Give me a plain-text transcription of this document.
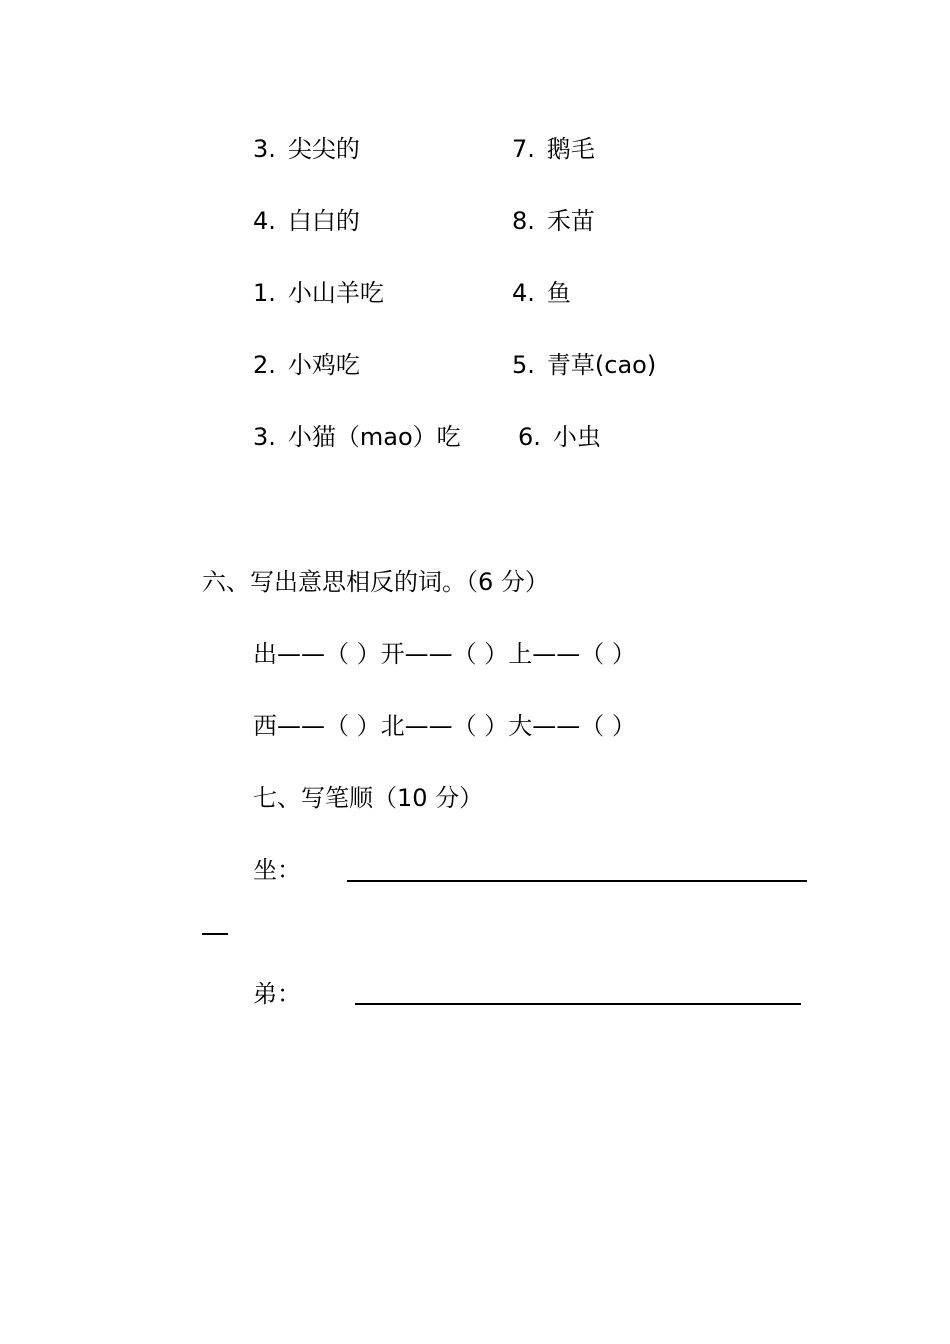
3. 尖尖的	7. 鹅毛
4. 白白的	8. 禾苗
1. 小山羊吃	4. 鱼
2. 小鸡吃	5. 青草(cao)
3. 小猫（mao）吃 6. 小虫
六、写出意思相反的词。（6 分）
出——（ ）开——（ ）上——（ ）
西——（ ）北——（ ）大——（ ）
七、写笔顺（10 分）
坐：
弟：
